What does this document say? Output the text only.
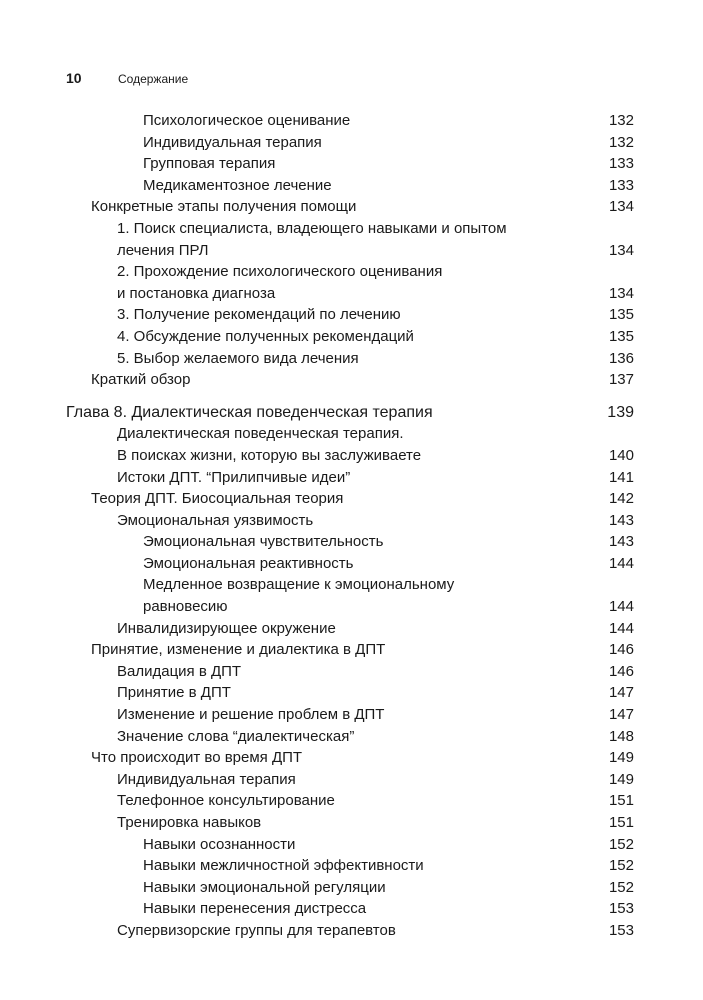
10	Содержание
Психологическое оценивание	132
Индивидуальная терапия	132
Групповая терапия	133
Медикаментозное лечение	133
Конкретные этапы получения помощи	134
1. Поиск специалиста, владеющего навыками и опытом
лечения ПРЛ	134
2. Прохождение психологического оценивания
и постановка диагноза	134
3. Получение рекомендаций по лечению	135
4. Обсуждение полученных рекомендаций	135
5. Выбор желаемого вида лечения	136
Краткий обзор	137
Глава 8. Диалектическая поведенческая терапия	139
Диалектическая поведенческая терапия.
В поисках жизни, которую вы заслуживаете	140
Истоки ДПТ. “Прилипчивые идеи”	141
Теория ДПТ. Биосоциальная теория	142
Эмоциональная уязвимость	143
Эмоциональная чувствительность	143
Эмоциональная реактивность	144
Медленное возвращение к эмоциональному
равновесию	144
Инвалидизирующее окружение	144
Принятие, изменение и диалектика в ДПТ	146
Валидация в ДПТ	146
Принятие в ДПТ	147
Изменение и решение проблем в ДПТ	147
Значение слова “диалектическая”	148
Что происходит во время ДПТ	149
Индивидуальная терапия	149
Телефонное консультирование	151
Тренировка навыков	151
Навыки осознанности	152
Навыки межличностной эффективности	152
Навыки эмоциональной регуляции	152
Навыки перенесения дистресса	153
Супервизорские группы для терапевтов	153
